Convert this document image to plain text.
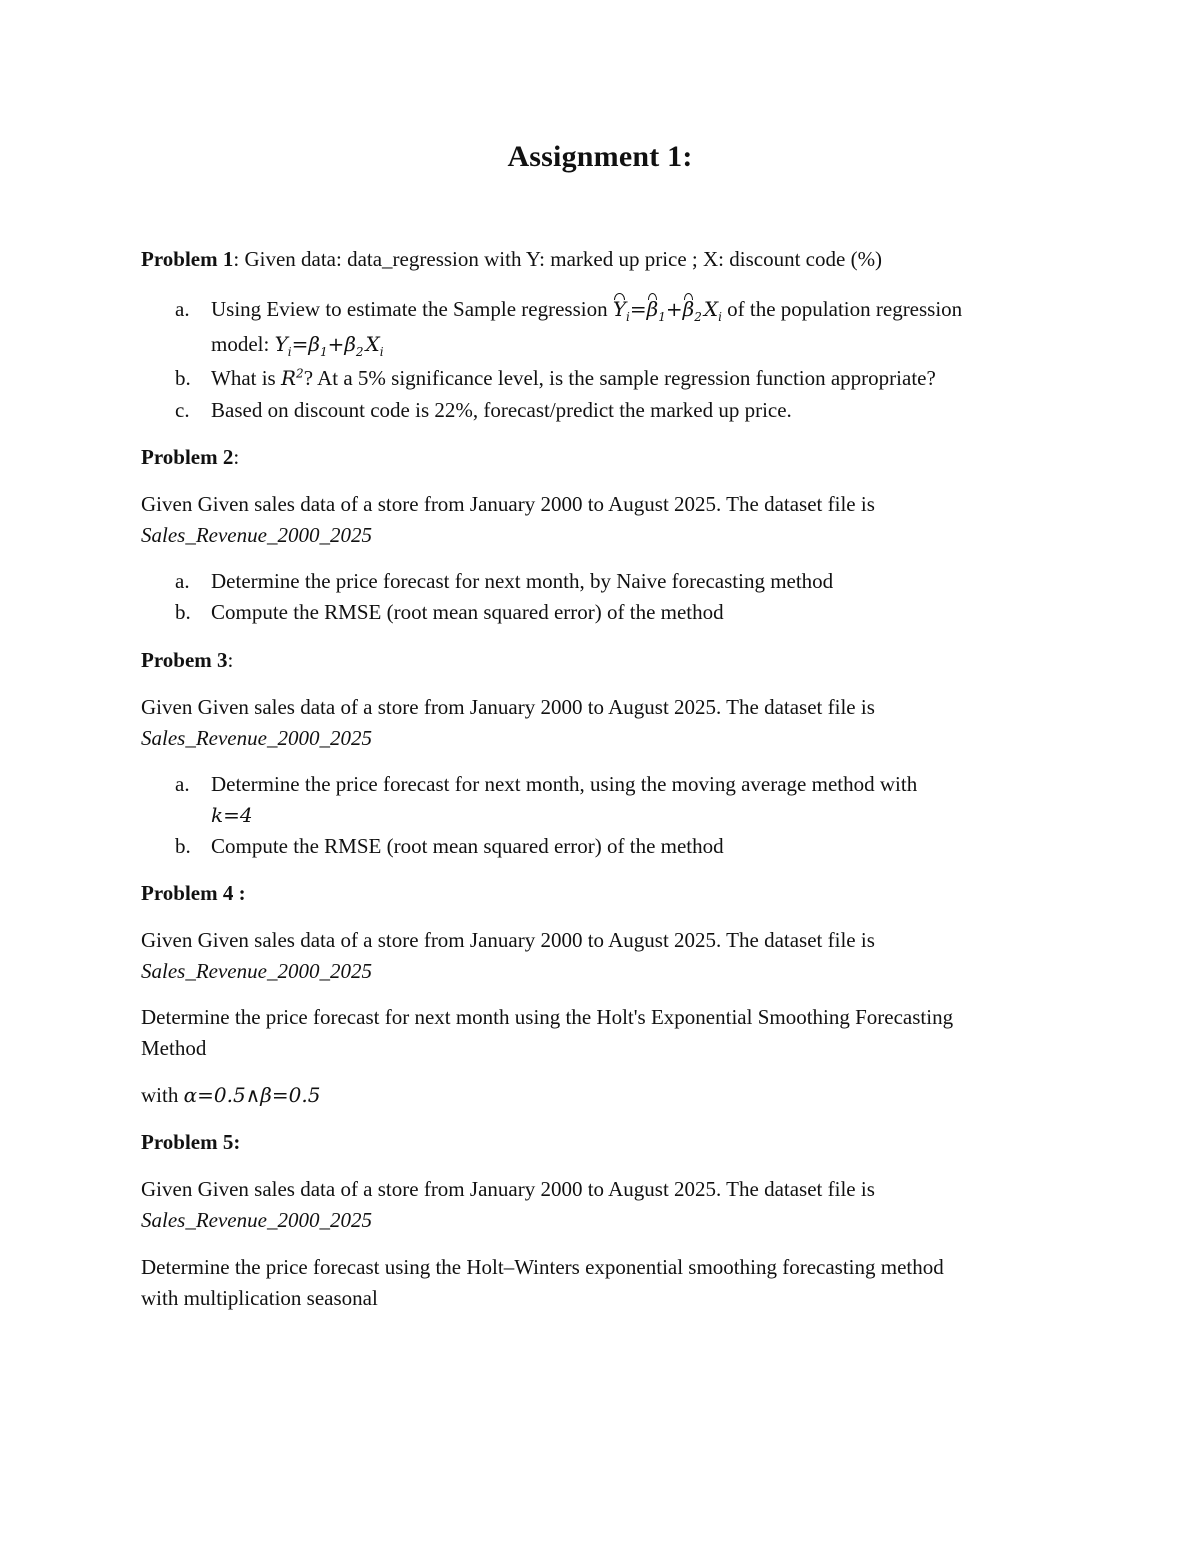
Assignment 1:
Problem 1: Given data: data_regression with Y: marked up price ; X: discount code (%)
a. Using Eview to estimate the Sample regression $Y_i=\beta_1+\beta_2$ $X_i$ of the population regression
model: $Y_i=\beta_1+\beta_2$ $X_i$
b. What is $R^2$? At a 5% significance level, is the sample regression function appropriate?
c. Based on discount code is 22%, forecast/predict the marked up price.
Problem 2:
Given Given sales data of a store from January 2000 to August 2025. The dataset file is
Sales_Revenue_2000_2025
a. Determine the price forecast for next month, by Naive forecasting method
b. Compute the RMSE (root mean squared error) of the method
Probem 3:
Given Given sales data of a store from January 2000 to August 2025. The dataset file is
Sales_Revenue_2000_2025
a. Determine the price forecast for next month, using the moving average method with
k=4
b. Compute the RMSE (root mean squared error) of the method
Problem 4 :
Given Given sales data of a store from January 2000 to August 2025. The dataset file is
Sales_Revenue_2000_2025
Determine the price forecast for next month using the Holt's Exponential Smoothing Forecasting
Method
with α=0.5∧β=0.5
Problem 5:
Given Given sales data of a store from January 2000 to August 2025. The dataset file is
Sales_Revenue_2000_2025
Determine the price forecast using the Holt–Winters exponential smoothing forecasting method
with multiplication seasonal
